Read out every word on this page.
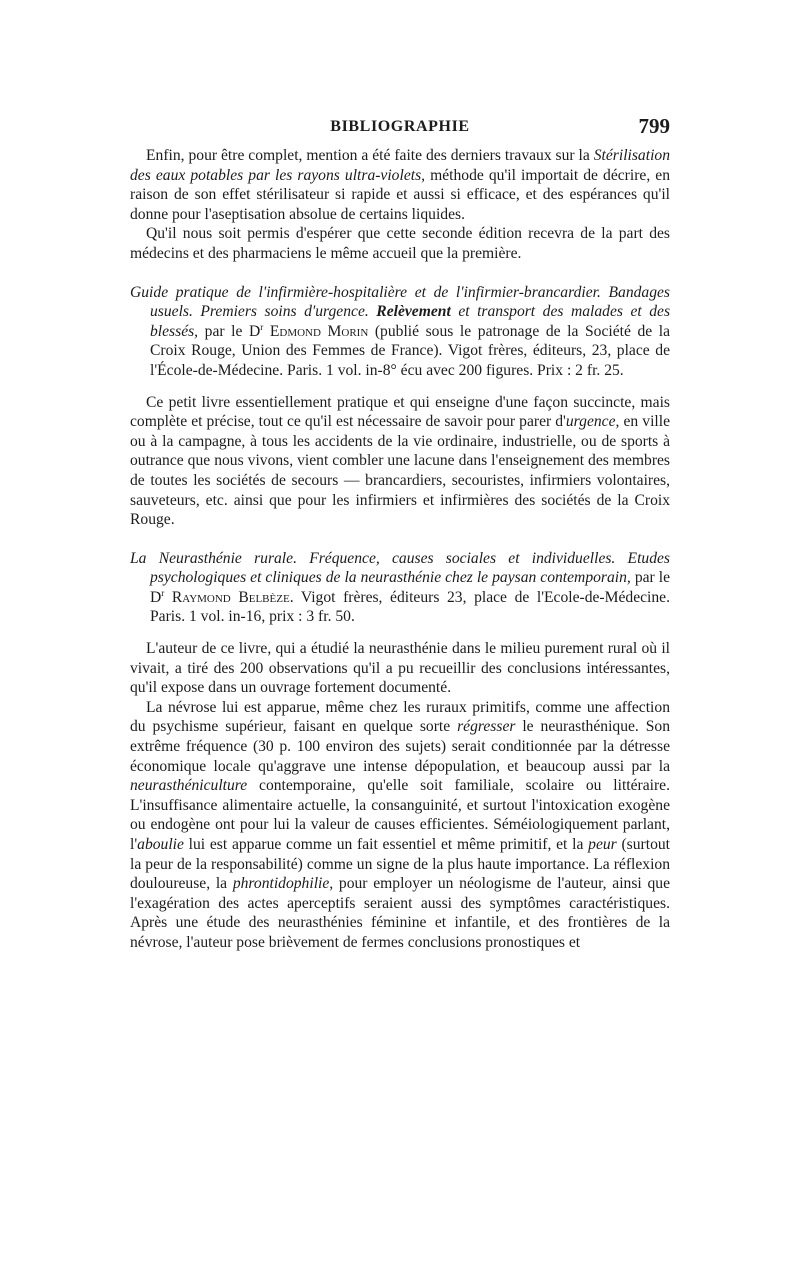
BIBLIOGRAPHIE	799

Enfin, pour être complet, mention a été faite des derniers travaux sur la Stérilisation des eaux potables par les rayons ultra-violets, méthode qu'il importait de décrire, en raison de son effet stérilisateur si rapide et aussi si efficace, et des espérances qu'il donne pour l'aseptisation absolue de certains liquides.

Qu'il nous soit permis d'espérer que cette seconde édition recevra de la part des médecins et des pharmaciens le même accueil que la première.

Guide pratique de l'infirmière-hospitalière et de l'infirmier-brancardier. Bandages usuels. Premiers soins d'urgence. Relèvement et transport des malades et des blessés, par le $D^r$ Edmond Morin (publié sous le patronage de la Société de la Croix Rouge, Union des Femmes de France). Vigot frères, éditeurs, 23, place de l'École-de-Médecine. Paris. 1 vol. in-8° écu avec 200 figures. Prix : 2 fr. 25.

Ce petit livre essentiellement pratique et qui enseigne d'une façon succincte, mais complète et précise, tout ce qu'il est nécessaire de savoir pour parer d'urgence, en ville ou à la campagne, à tous les accidents de la vie ordinaire, industrielle, ou de sports à outrance que nous vivons, vient combler une lacune dans l'enseignement des membres de toutes les sociétés de secours — brancardiers, secouristes, infirmiers volontaires, sauveteurs, etc. ainsi que pour les infirmiers et infirmières des sociétés de la Croix Rouge.

La Neurasthénie rurale. Fréquence, causes sociales et individuelles. Etudes psychologiques et cliniques de la neurasthénie chez le paysan contemporain, par le $D^r$ Raymond Belbèze. Vigot frères, éditeurs 23, place de l'Ecole-de-Médecine. Paris. 1 vol. in-16, prix : 3 fr. 50.

L'auteur de ce livre, qui a étudié la neurasthénie dans le milieu purement rural où il vivait, a tiré des 200 observations qu'il a pu recueillir des conclusions intéressantes, qu'il expose dans un ouvrage fortement documenté.

La névrose lui est apparue, même chez les ruraux primitifs, comme une affection du psychisme supérieur, faisant en quelque sorte régresser le neurasthénique. Son extrême fréquence (30 p. 100 environ des sujets) serait conditionnée par la détresse économique locale qu'aggrave une intense dépopulation, et beaucoup aussi par la neurasthéniculture contemporaine, qu'elle soit familiale, scolaire ou littéraire. L'insuffisance alimentaire actuelle, la consanguinité, et surtout l'intoxication exogène ou endogène ont pour lui la valeur de causes efficientes. Séméiologiquement parlant, l'aboulie lui est apparue comme un fait essentiel et même primitif, et la peur (surtout la peur de la responsabilité) comme un signe de la plus haute importance. La réflexion douloureuse, la phrontidophilie, pour employer un néologisme de l'auteur, ainsi que l'exagération des actes aperceptifs seraient aussi des symptômes caractéristiques. Après une étude des neurasthénies féminine et infantile, et des frontières de la névrose, l'auteur pose brièvement de fermes conclusions pronostiques et
